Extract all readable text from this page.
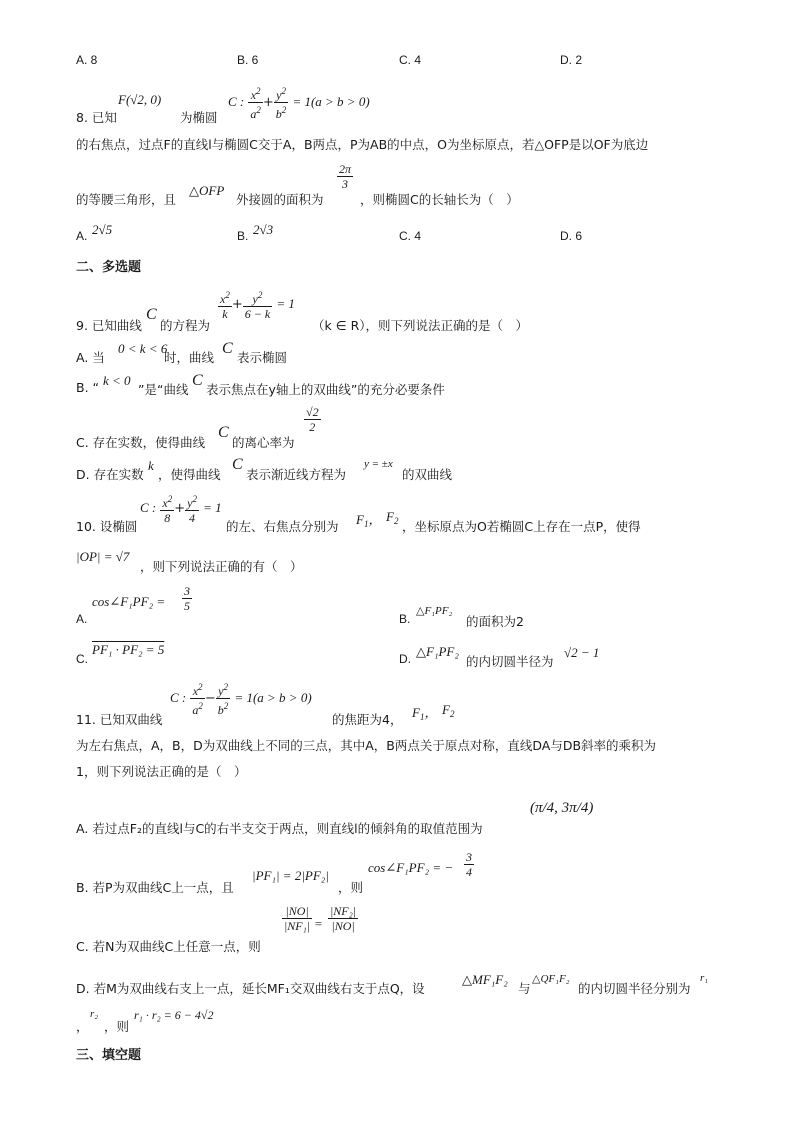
A. 8	B. 6	C. 4	D. 2
8. 已知
F(√2, 0)
为椭圆
C : $\frac{x^2}{a^2} + \frac{y^2}{b^2} = 1(a > b > 0)$
的右焦点，过点F的直线l与椭圆C交于A，B两点，P为AB的中点，O为坐标原点，若△OFP是以OF为底边
的等腰三角形，且
△OFP
外接圆的面积为
$\frac{2\pi}{3}$
，则椭圆C的长轴长为（　）
A. 2√5	B. 2√3	C. 4	D. 6
二、多选题
9. 已知曲线
C
的方程为
$\frac{x^2}{k} + \frac{y^2}{6 - k} = 1$
（k ∈ R），则下列说法正确的是（　）
A. 当
0 < k < 6
时，曲线
C
表示椭圆
B. “ k < 0
”是“曲线
C
表示焦点在y轴上的双曲线”的充分必要条件
C. 存在实数，使得曲线
C
的离心率为
$\frac{√2}{2}$
D. 存在实数
k
，使得曲线
C
表示渐近线方程为
y = ±x
的双曲线
10. 设椭圆
C : $\frac{x^2}{8} + \frac{y^2}{4} = 1$
的左、右焦点分别为 $F_1$， $F_2$ ，坐标原点为O若椭圆C上存在一点P，使得
|OP| = √7
，则下列说法正确的有（　）
A.
cos∠F₁PF₂ = $\frac{3}{5}$
B.
△F₁PF₂
的面积为2
C.
PF₁ · PF₂ = 5
D. △F₁PF₂
的内切圆半径为
√2 − 1
11. 已知双曲线
C : $\frac{x^2}{a^2} - \frac{y^2}{b^2} = 1(a > b > 0)$
的焦距为4， $F_1$， $F_2$
为左右焦点，A，B，D为双曲线上不同的三点，其中A，B两点关于原点对称，直线DA与DB斜率的乘积为
1，则下列说法正确的是（　）
A. 若过点F₂的直线l与C的右半支交于两点，则直线l的倾斜角的取值范围为
(π/4, 3π/4)
B. 若P为双曲线C上一点，且
|PF₁| = 2|PF₂|
，则
cos∠F₁PF₂ = − $\frac{3}{4}$
C. 若N为双曲线C上任意一点，则
$\frac{|NO|}{\text{|NF₁|}} = \frac{\text{|NF₂|}}{|NO|}$
D. 若M为双曲线右支上一点，延长MF₁交双曲线右支于点Q，设
△MF₁F₂
与
△QF₁F₂
的内切圆半径分别为
r₁
，
r₂
，则
r₁ · r₂ = 6 − 4√2
三、填空题
